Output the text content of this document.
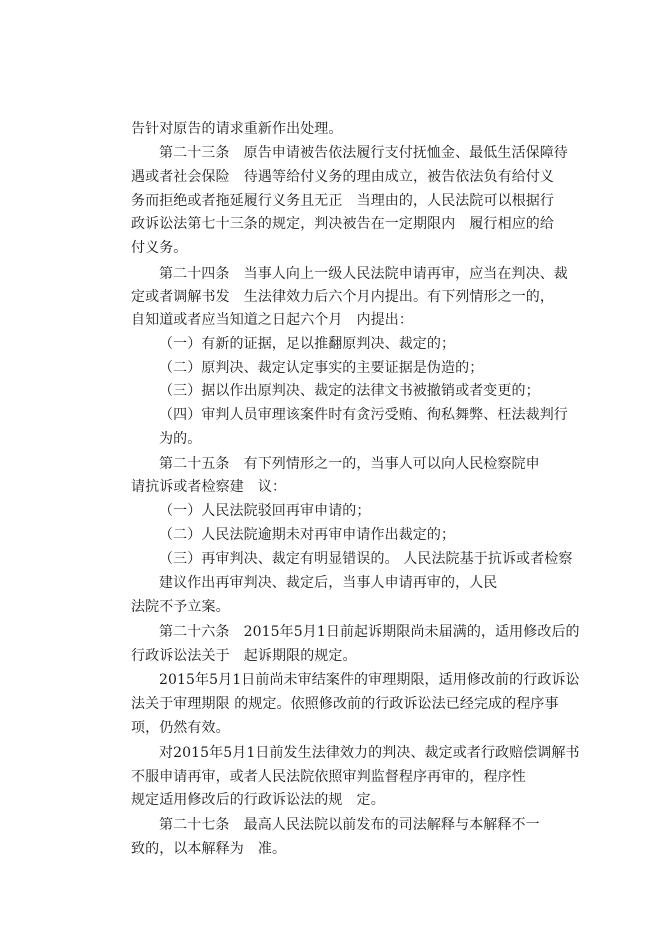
告针对原告的请求重新作出处理。
第二十三条　原告申请被告依法履行支付抚恤金、最低生活保障待
遇或者社会保险　待遇等给付义务的理由成立，被告依法负有给付义
务而拒绝或者拖延履行义务且无正　当理由的，人民法院可以根据行
政诉讼法第七十三条的规定，判决被告在一定期限内　履行相应的给
付义务。
第二十四条　当事人向上一级人民法院申请再审，应当在判决、裁
定或者调解书发　生法律效力后六个月内提出。有下列情形之一的，
自知道或者应当知道之日起六个月　内提出：
（一）有新的证据，足以推翻原判决、裁定的；
（二）原判决、裁定认定事实的主要证据是伪造的；
（三）据以作出原判决、裁定的法律文书被撤销或者变更的；
（四）审判人员审理该案件时有贪污受贿、徇私舞弊、枉法裁判行
为的。
第二十五条　有下列情形之一的，当事人可以向人民检察院申
请抗诉或者检察建　议：
（一）人民法院驳回再审申请的；
（二）人民法院逾期未对再审申请作出裁定的；
（三）再审判决、裁定有明显错误的。 人民法院基于抗诉或者检察
建议作出再审判决、裁定后，当事人申请再审的，人民
法院不予立案。
第二十六条　2015年5月1日前起诉期限尚未届满的，适用修改后的
行政诉讼法关于　起诉期限的规定。
2015年5月1日前尚未审结案件的审理期限，适用修改前的行政诉讼
法关于审理期限 的规定。依照修改前的行政诉讼法已经完成的程序事
项，仍然有效。
对2015年5月1日前发生法律效力的判决、裁定或者行政赔偿调解书
不服申请再审，或者人民法院依照审判监督程序再审的，程序性
规定适用修改后的行政诉讼法的规　定。
第二十七条　最高人民法院以前发布的司法解释与本解释不一
致的，以本解释为　准。
